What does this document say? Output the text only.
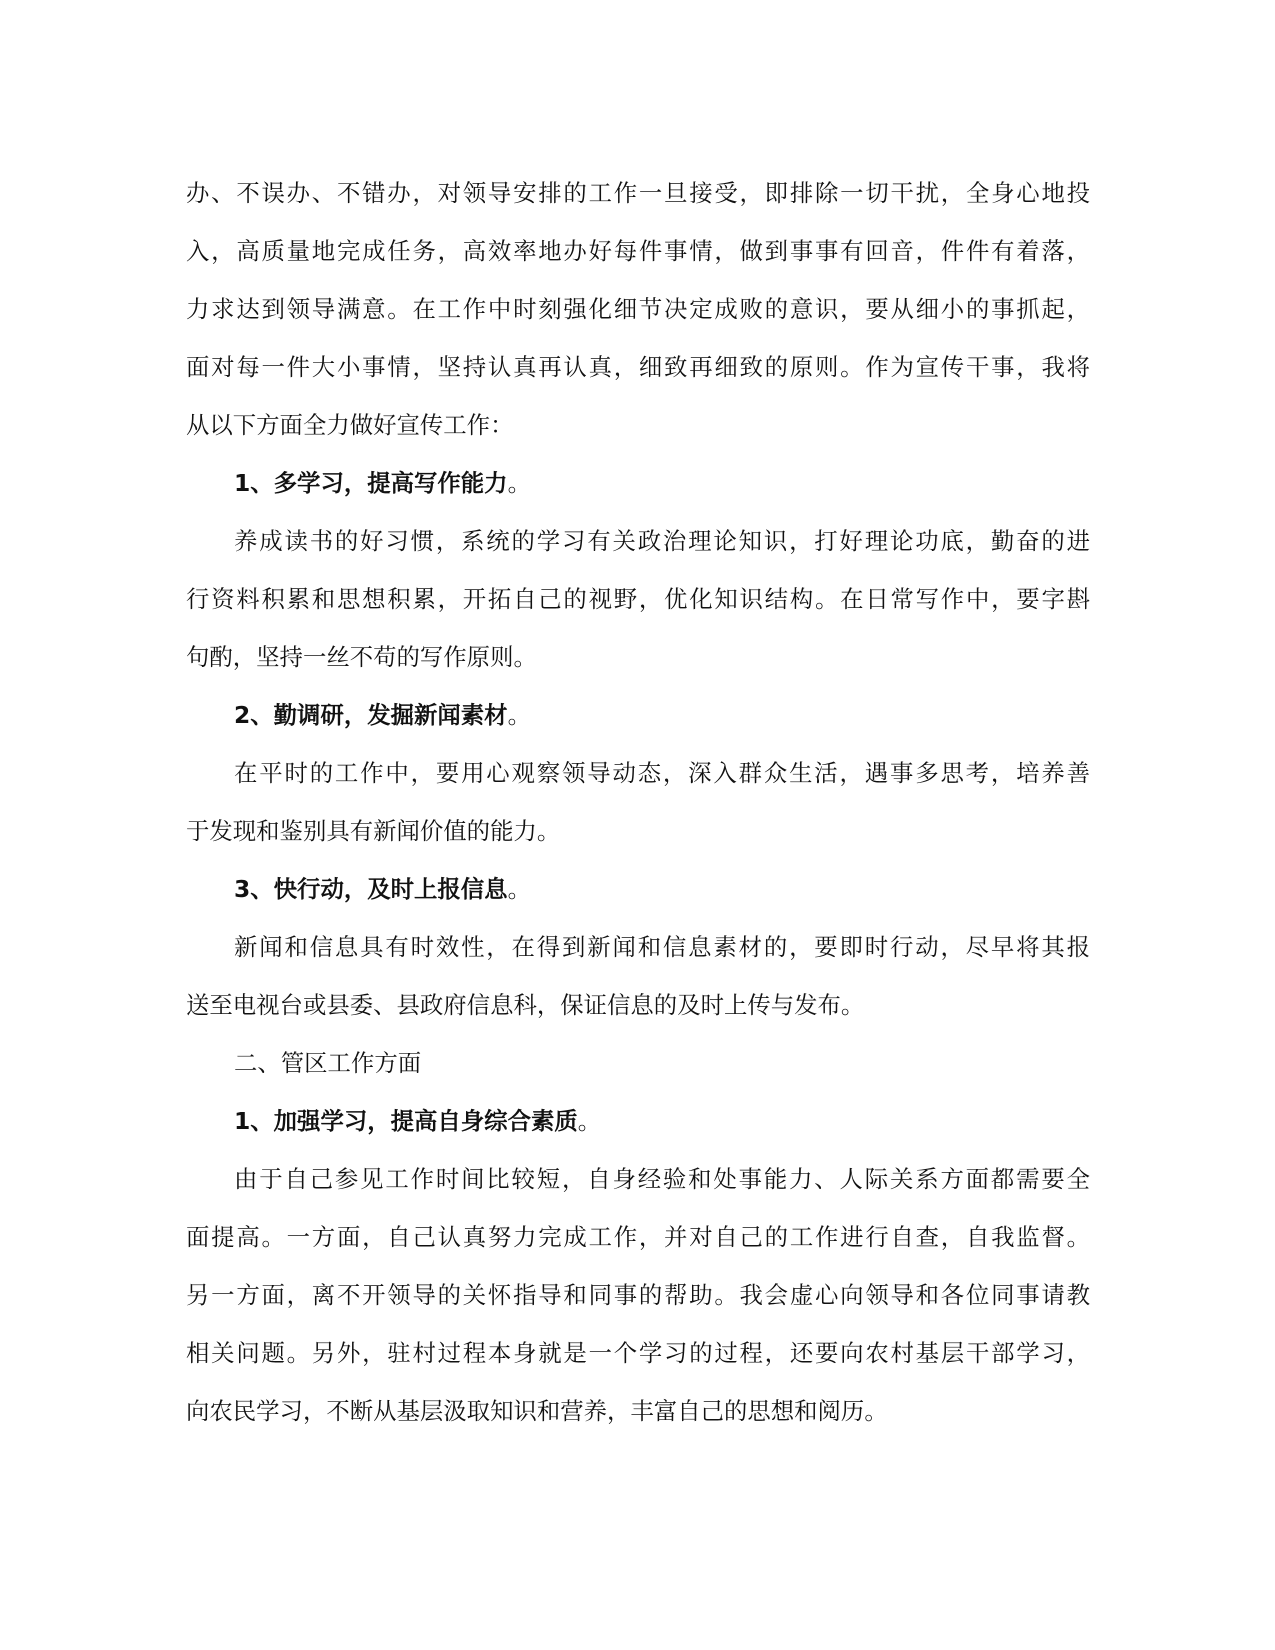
办、不误办、不错办，对领导安排的工作一旦接受，即排除一切干扰，全身心地投
入，高质量地完成任务，高效率地办好每件事情，做到事事有回音，件件有着落，
力求达到领导满意。在工作中时刻强化细节决定成败的意识，要从细小的事抓起，
面对每一件大小事情，坚持认真再认真，细致再细致的原则。作为宣传干事，我将
从以下方面全力做好宣传工作：
1、多学习，提高写作能力。
养成读书的好习惯，系统的学习有关政治理论知识，打好理论功底，勤奋的进
行资料积累和思想积累，开拓自己的视野，优化知识结构。在日常写作中，要字斟
句酌，坚持一丝不苟的写作原则。
2、勤调研，发掘新闻素材。
在平时的工作中，要用心观察领导动态，深入群众生活，遇事多思考，培养善
于发现和鉴别具有新闻价值的能力。
3、快行动，及时上报信息。
新闻和信息具有时效性，在得到新闻和信息素材的，要即时行动，尽早将其报
送至电视台或县委、县政府信息科，保证信息的及时上传与发布。
二、管区工作方面
1、加强学习，提高自身综合素质。
由于自己参见工作时间比较短，自身经验和处事能力、人际关系方面都需要全
面提高。一方面，自己认真努力完成工作，并对自己的工作进行自查，自我监督。
另一方面，离不开领导的关怀指导和同事的帮助。我会虚心向领导和各位同事请教
相关问题。另外，驻村过程本身就是一个学习的过程，还要向农村基层干部学习，
向农民学习，不断从基层汲取知识和营养，丰富自己的思想和阅历。
